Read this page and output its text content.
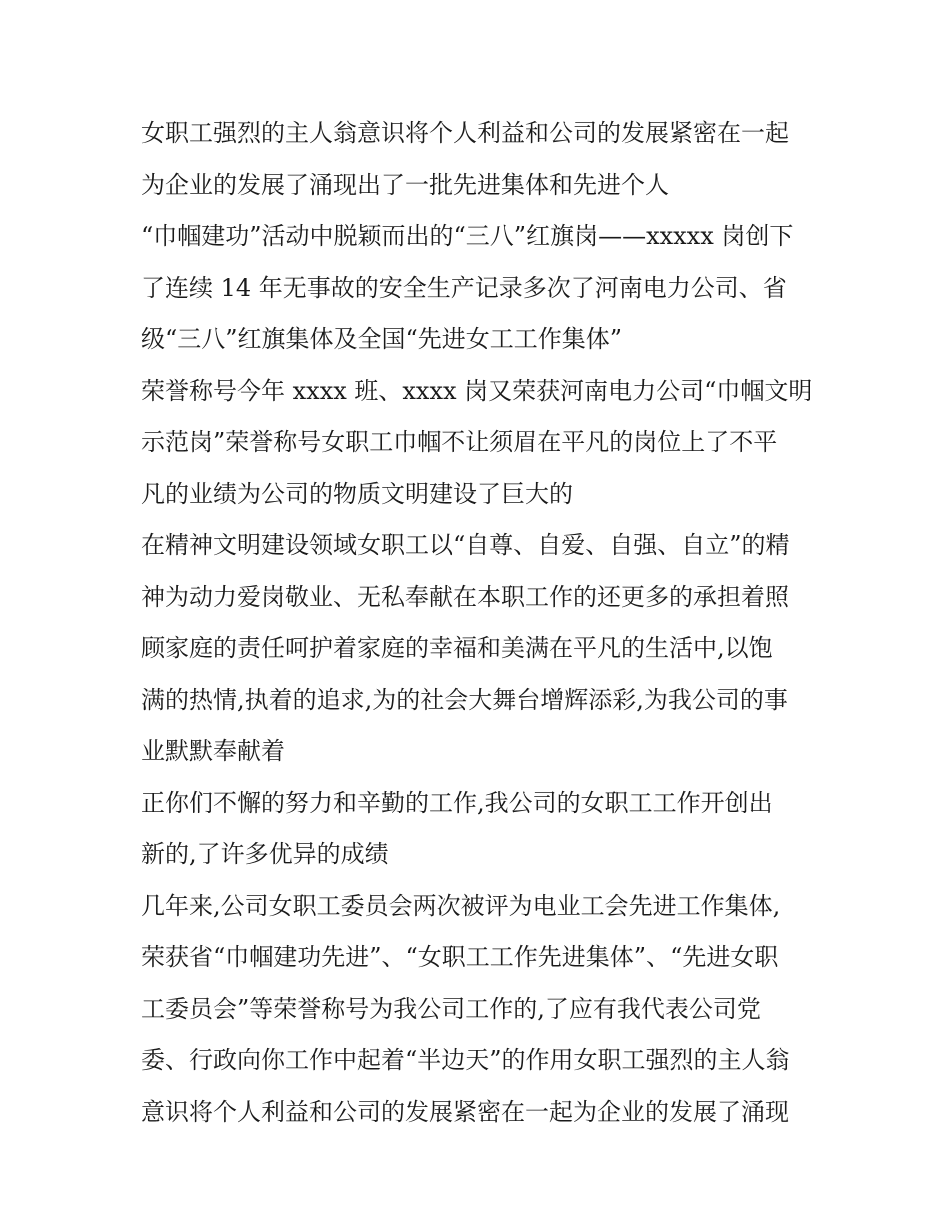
女职工强烈的主人翁意识将个人利益和公司的发展紧密在一起
为企业的发展了涌现出了一批先进集体和先进个人
“巾帼建功”活动中脱颖而出的“三八”红旗岗——xxxxx 岗创下
了连续 14 年无事故的安全生产记录多次了河南电力公司、省
级“三八”红旗集体及全国“先进女工工作集体”
荣誉称号今年 xxxx 班、xxxx 岗又荣获河南电力公司“巾帼文明
示范岗”荣誉称号女职工巾帼不让须眉在平凡的岗位上了不平
凡的业绩为公司的物质文明建设了巨大的
在精神文明建设领域女职工以“自尊、自爱、自强、自立”的精
神为动力爱岗敬业、无私奉献在本职工作的还更多的承担着照
顾家庭的责任呵护着家庭的幸福和美满在平凡的生活中,以饱
满的热情,执着的追求,为的社会大舞台增辉添彩,为我公司的事
业默默奉献着
正你们不懈的努力和辛勤的工作,我公司的女职工工作开创出
新的,了许多优异的成绩
几年来,公司女职工委员会两次被评为电业工会先进工作集体,
荣获省“巾帼建功先进”、“女职工工作先进集体”、“先进女职
工委员会”等荣誉称号为我公司工作的,了应有我代表公司党
委、行政向你工作中起着“半边天”的作用女职工强烈的主人翁
意识将个人利益和公司的发展紧密在一起为企业的发展了涌现
